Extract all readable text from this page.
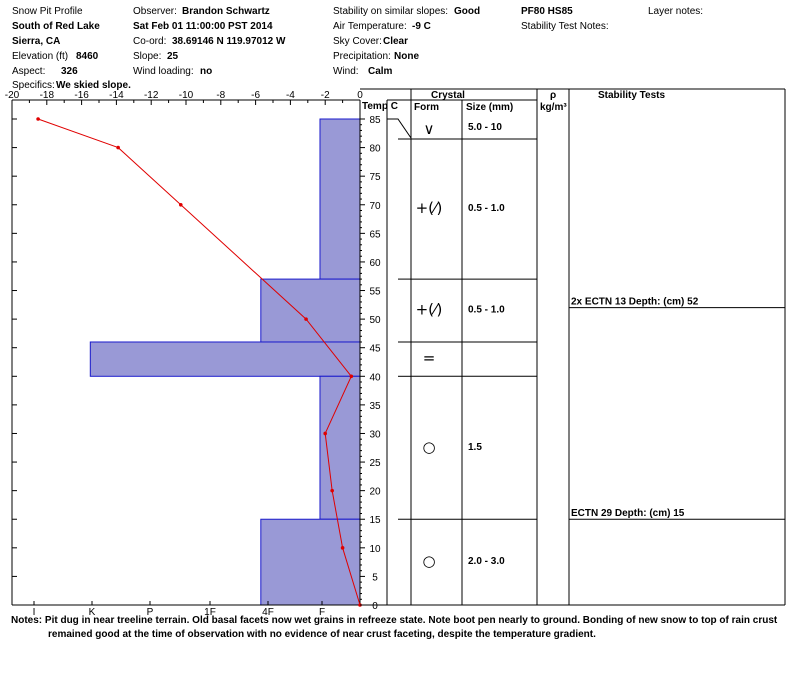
Snow Pit Profile
South of Red Lake
Sierra, CA
Elevation (ft) 8460
Aspect: 326
Specifics: We skied slope.
Observer: Brandon Schwartz
Sat Feb 01 11:00:00 PST 2014
Co-ord: 38.69146 N 119.97012 W
Slope: 25
Wind loading: no
Stability on similar slopes: Good
Air Temperature: -9 C
Sky Cover: Clear
Precipitation: None
Wind: Calm
PF80 HS85
Stability Test Notes:
Layer notes:
Temp C
Crystal
Form	Size (mm)
ρ
kg/m³
Stability Tests
-20 -18 -16 -14 -12 -10 -8	-6	-4	-2	0
0
5
10
15
20
25
30
35
40
45
50
55
60
65
70
75
80
85
I	K	P	1F	4F	F
∨	5.0 - 10
+(⁄)	0.5 - 1.0
+(⁄)	0.5 - 1.0
=
○	1.5
○	2.0 - 3.0
2x ECTN 13 Depth: (cm) 52
ECTN 29 Depth: (cm) 15
Notes: Pit dug in near treeline terrain. Old basal facets now wet grains in refreeze state. Note boot pen nearly to ground. Bonding of new snow to top of rain crust
remained good at the time of observation with no evidence of near crust faceting, despite the temperature gradient.
